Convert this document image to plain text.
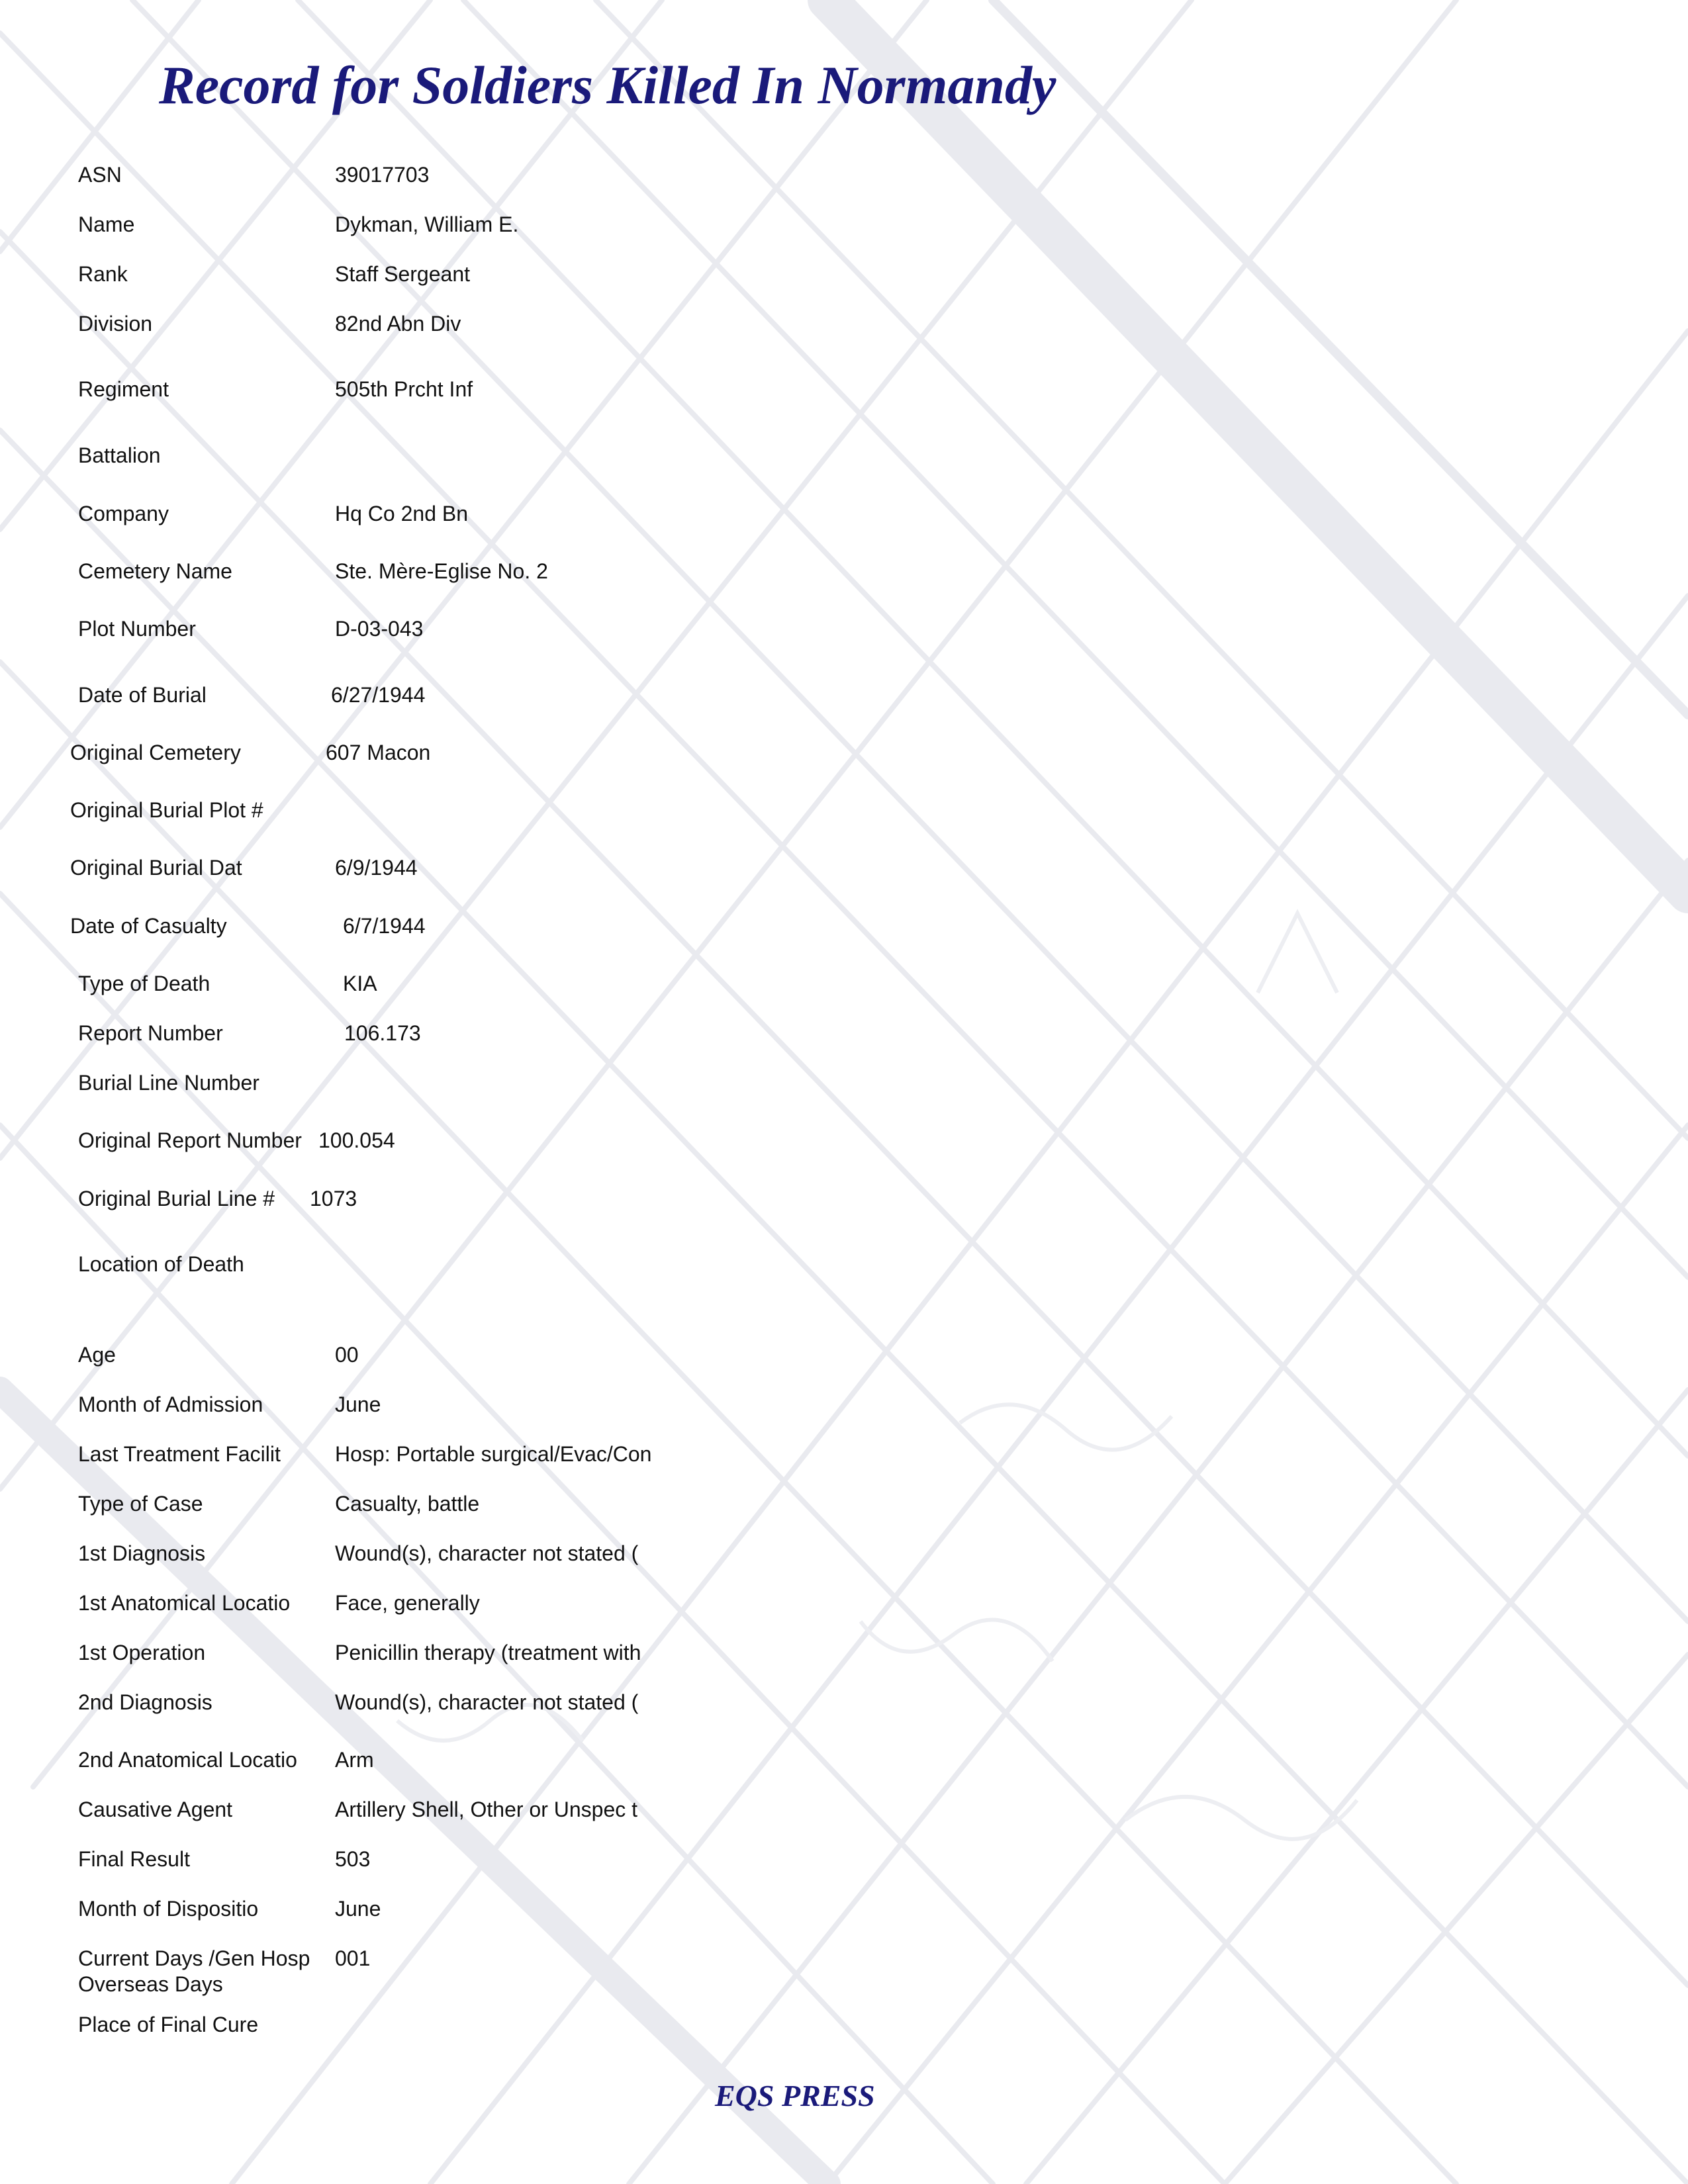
Record for Soldiers Killed In Normandy
ASN	39017703
Name	Dykman, William E.
Rank	Staff Sergeant
Division	82nd Abn Div
Regiment	505th Prcht Inf
Battalion
Company	Hq Co 2nd Bn
Cemetery Name	Ste. Mère-Eglise No. 2
Plot Number	D-03-043
Date of Burial	6/27/1944
Original Cemetery	607 Macon
Original Burial Plot #
Original Burial Dat	6/9/1944
Date of Casualty	6/7/1944
Type of Death	KIA
Report Number	106.173
Burial Line Number
Original Report Number 100.054
Original Burial Line # 1073
Location of Death
Age	00
Month of Admission	June
Last Treatment Facilit	Hosp: Portable surgical/Evac/Con
Type of Case	Casualty, battle
1st Diagnosis	Wound(s), character not stated (
1st Anatomical Locatio Face, generally
1st Operation	Penicillin therapy (treatment with
2nd Diagnosis	Wound(s), character not stated (
2nd Anatomical Locatio Arm
Causative Agent	Artillery Shell, Other or Unspec t
Final Result	503
Month of Dispositio	June
Current Days /Gen Hosp 001
Overseas Days
Place of Final Cure
EQS PRESS
